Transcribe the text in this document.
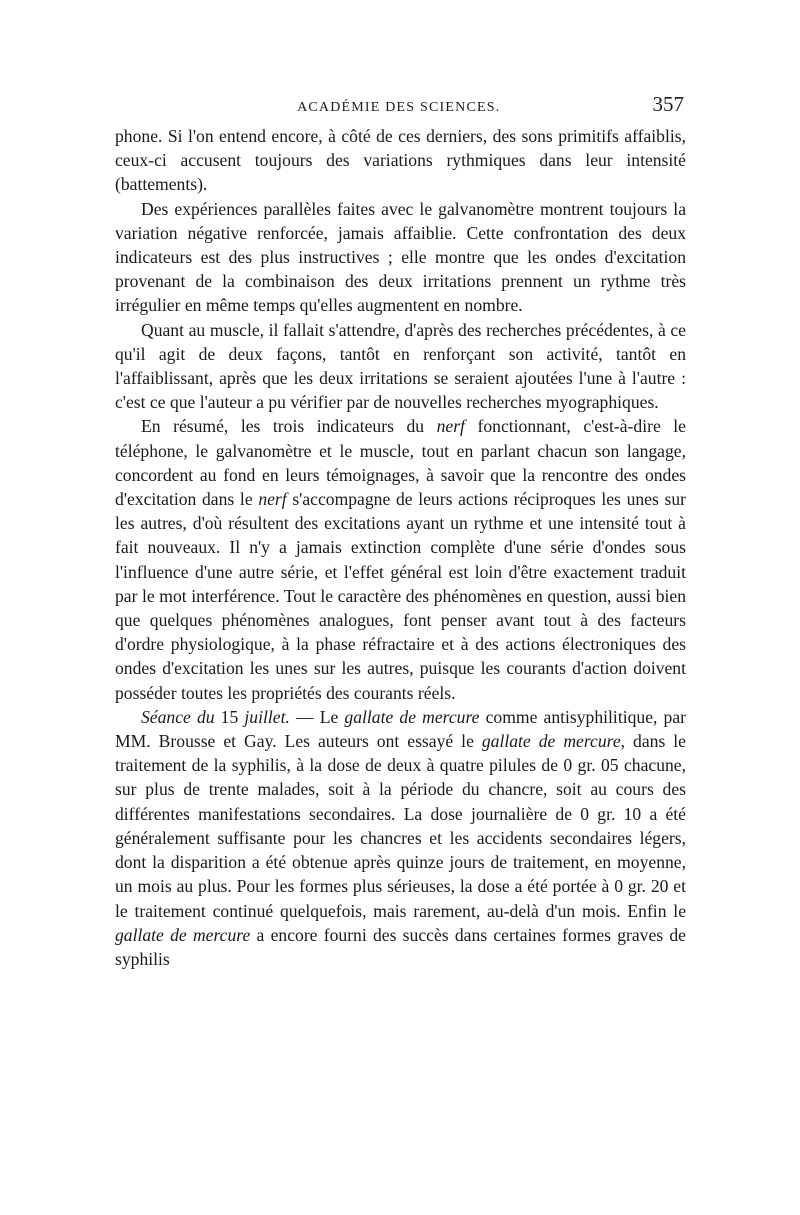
ACADÉMIE DES SCIENCES.	357

phone. Si l'on entend encore, à côté de ces derniers, des sons primitifs affaiblis, ceux-ci accusent toujours des variations rythmiques dans leur intensité (battements).

Des expériences parallèles faites avec le galvanomètre montrent toujours la variation négative renforcée, jamais affaiblie. Cette confrontation des deux indicateurs est des plus instructives ; elle montre que les ondes d'excitation provenant de la combinaison des deux irritations prennent un rythme très irrégulier en même temps qu'elles augmentent en nombre.

Quant au muscle, il fallait s'attendre, d'après des recherches précédentes, à ce qu'il agit de deux façons, tantôt en renforçant son activité, tantôt en l'affaiblissant, après que les deux irritations se seraient ajoutées l'une à l'autre : c'est ce que l'auteur a pu vérifier par de nouvelles recherches myographiques.

En résumé, les trois indicateurs du nerf fonctionnant, c'est-à-dire le téléphone, le galvanomètre et le muscle, tout en parlant chacun son langage, concordent au fond en leurs témoignages, à savoir que la rencontre des ondes d'excitation dans le nerf s'accompagne de leurs actions réciproques les unes sur les autres, d'où résultent des excitations ayant un rythme et une intensité tout à fait nouveaux. Il n'y a jamais extinction complète d'une série d'ondes sous l'influence d'une autre série, et l'effet général est loin d'être exactement traduit par le mot interférence. Tout le caractère des phénomènes en question, aussi bien que quelques phénomènes analogues, font penser avant tout à des facteurs d'ordre physiologique, à la phase réfractaire et à des actions électroniques des ondes d'excitation les unes sur les autres, puisque les courants d'action doivent posséder toutes les propriétés des courants réels.

Séance du 15 juillet. — Le gallate de mercure comme antisyphilitique, par MM. Brousse et Gay. Les auteurs ont essayé le gallate de mercure, dans le traitement de la syphilis, à la dose de deux à quatre pilules de 0 gr. 05 chacune, sur plus de trente malades, soit à la période du chancre, soit au cours des différentes manifestations secondaires. La dose journalière de 0 gr. 10 a été généralement suffisante pour les chancres et les accidents secondaires légers, dont la disparition a été obtenue après quinze jours de traitement, en moyenne, un mois au plus. Pour les formes plus sérieuses, la dose a été portée à 0 gr. 20 et le traitement continué quelquefois, mais rarement, au-delà d'un mois. Enfin le gallate de mercure a encore fourni des succès dans certaines formes graves de syphilis
